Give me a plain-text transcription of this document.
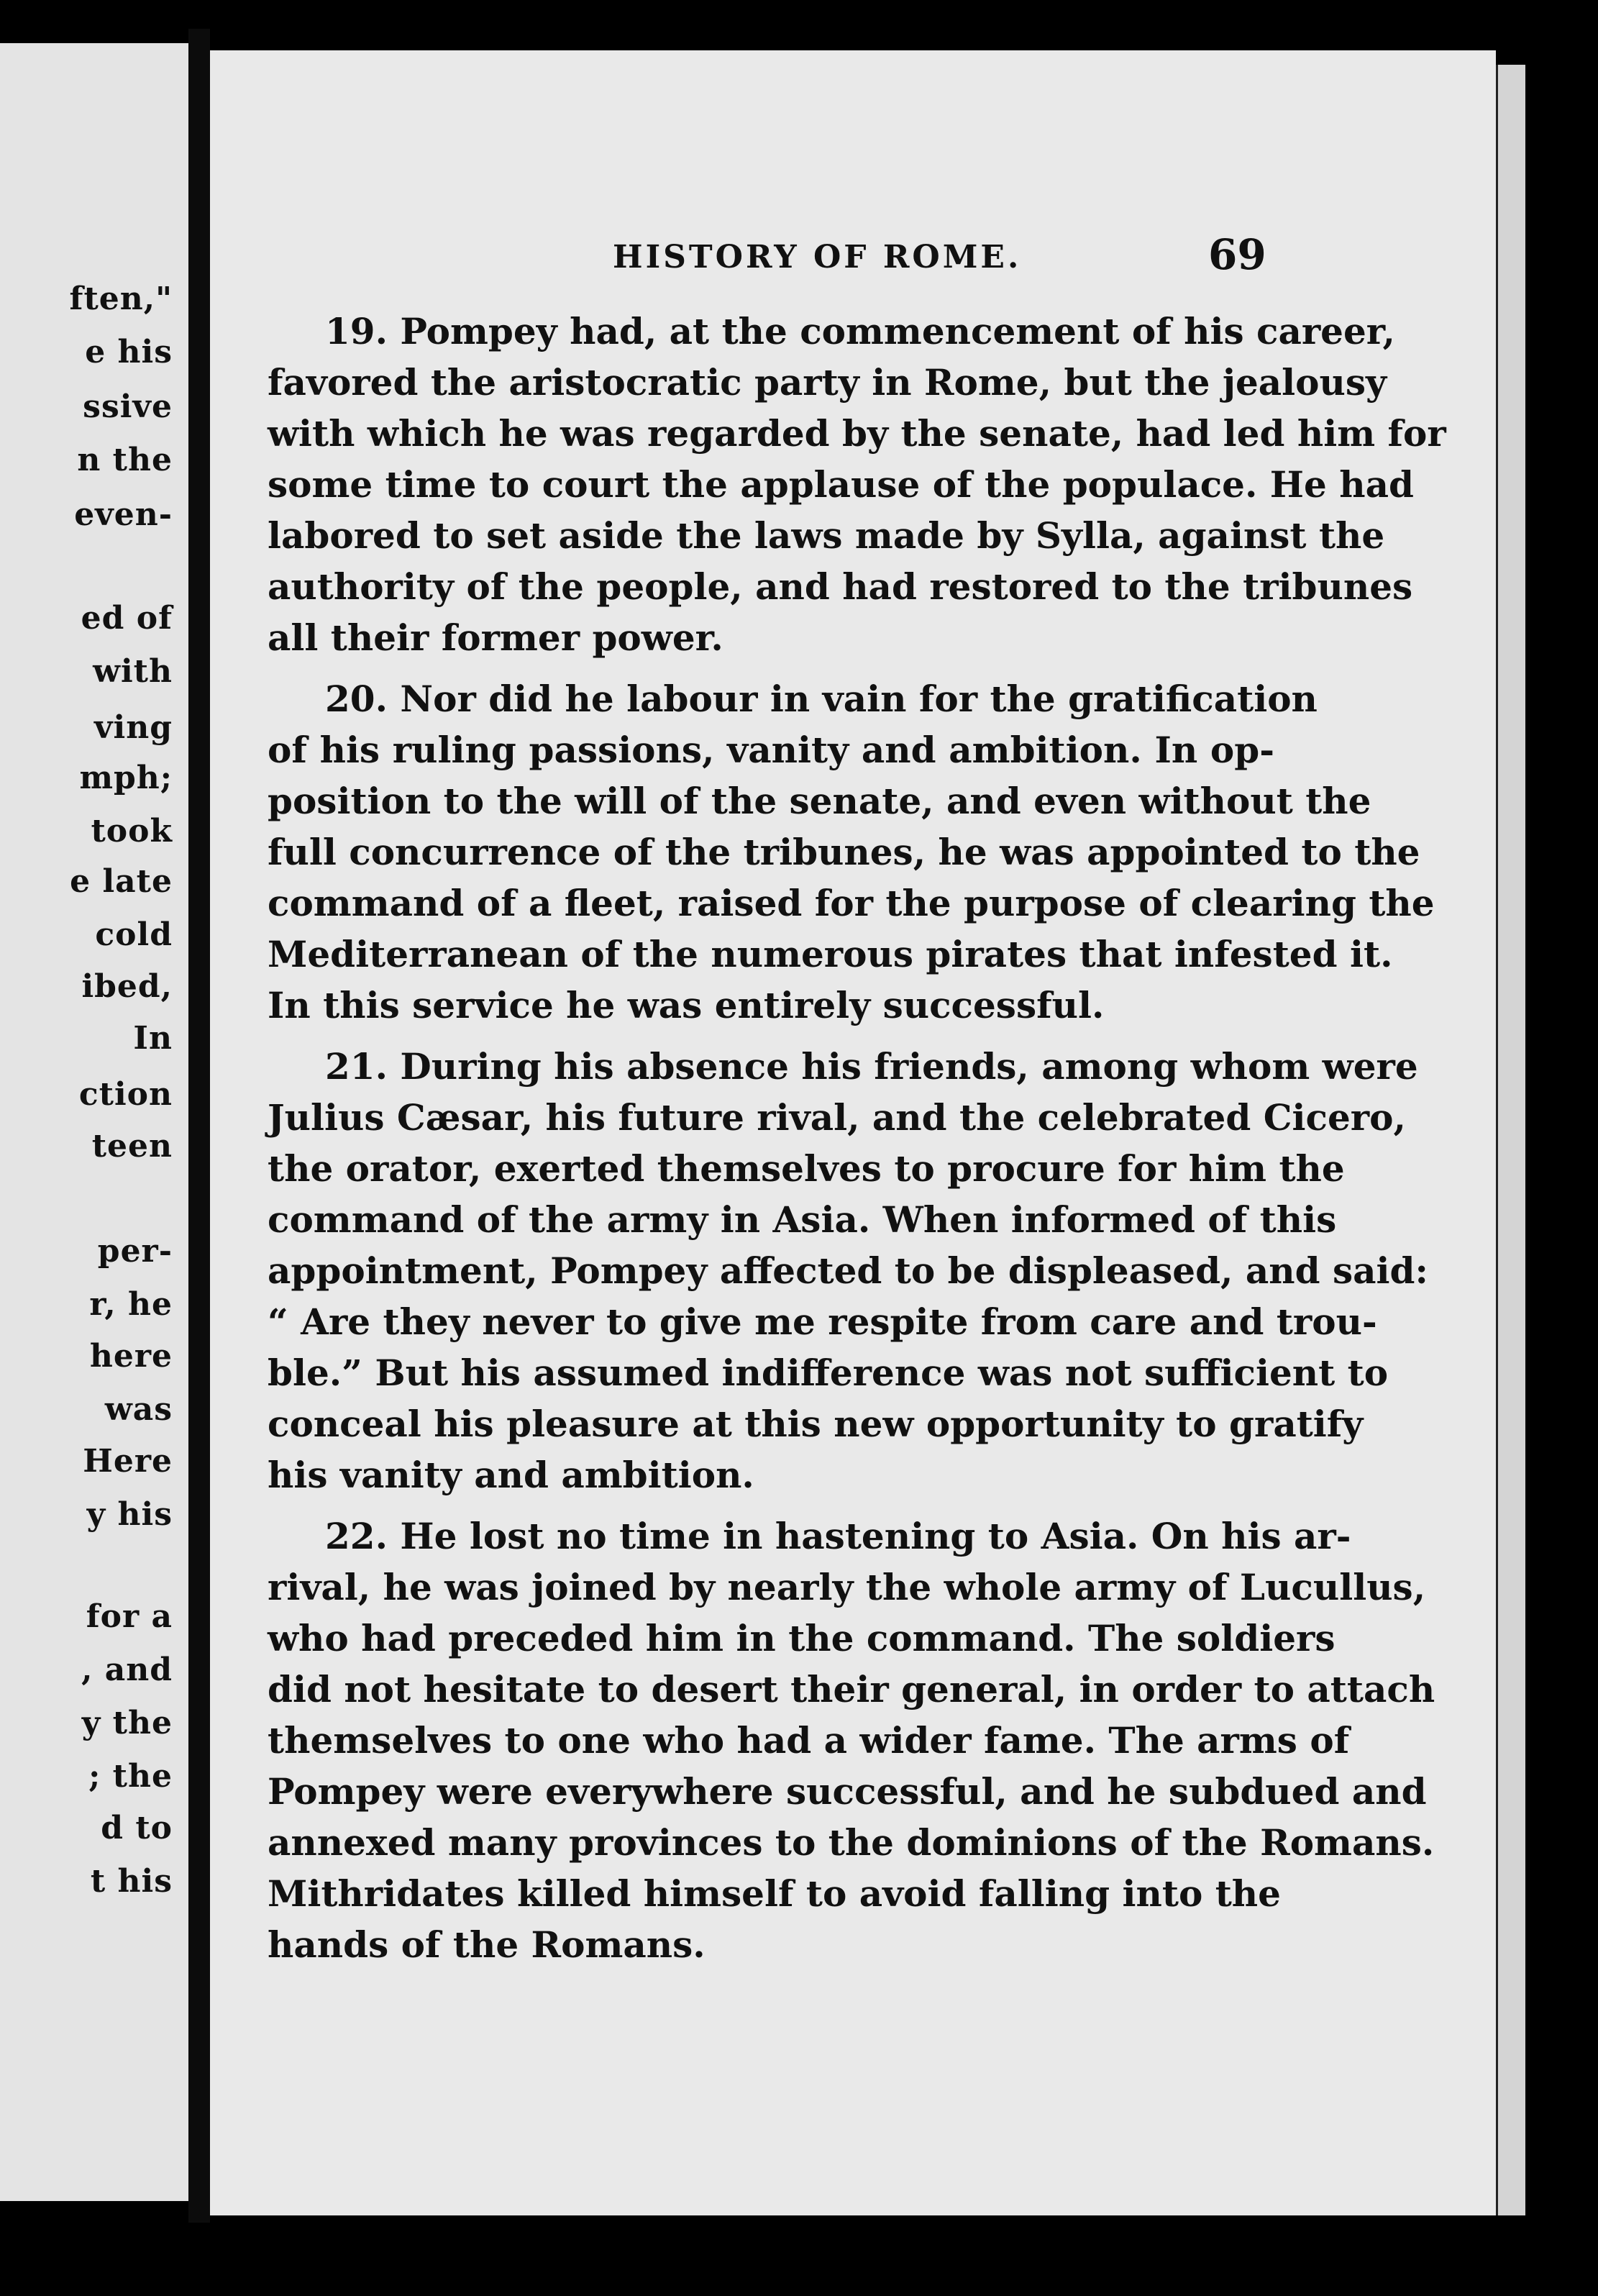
ften,"
e his
ssive
n the
even-
ed of
with
ving
mph;
took
e late
cold
ibed,
In
ction
teen
per-
r, he
here
was
Here
y his
for a
, and
y the
; the
d to
t his
HISTORY OF ROME.	69
19. Pompey had, at the commencement of his career,
favored the aristocratic party in Rome, but the jealousy
with which he was regarded by the senate, had led him for
some time to court the applause of the populace. He had
labored to set aside the laws made by Sylla, against the
authority of the people, and had restored to the tribunes
all their former power.
20. Nor did he labour in vain for the gratification
of his ruling passions, vanity and ambition. In op-
position to the will of the senate, and even without the
full concurrence of the tribunes, he was appointed to the
command of a fleet, raised for the purpose of clearing the
Mediterranean of the numerous pirates that infested it.
In this service he was entirely successful.
21. During his absence his friends, among whom were
Julius Cæsar, his future rival, and the celebrated Cicero,
the orator, exerted themselves to procure for him the
command of the army in Asia. When informed of this
appointment, Pompey affected to be displeased, and said:
“ Are they never to give me respite from care and trou-
ble.” But his assumed indifference was not sufficient to
conceal his pleasure at this new opportunity to gratify
his vanity and ambition.
22. He lost no time in hastening to Asia. On his ar-
rival, he was joined by nearly the whole army of Lucullus,
who had preceded him in the command. The soldiers
did not hesitate to desert their general, in order to attach
themselves to one who had a wider fame. The arms of
Pompey were everywhere successful, and he subdued and
annexed many provinces to the dominions of the Romans.
Mithridates killed himself to avoid falling into the
hands of the Romans.
